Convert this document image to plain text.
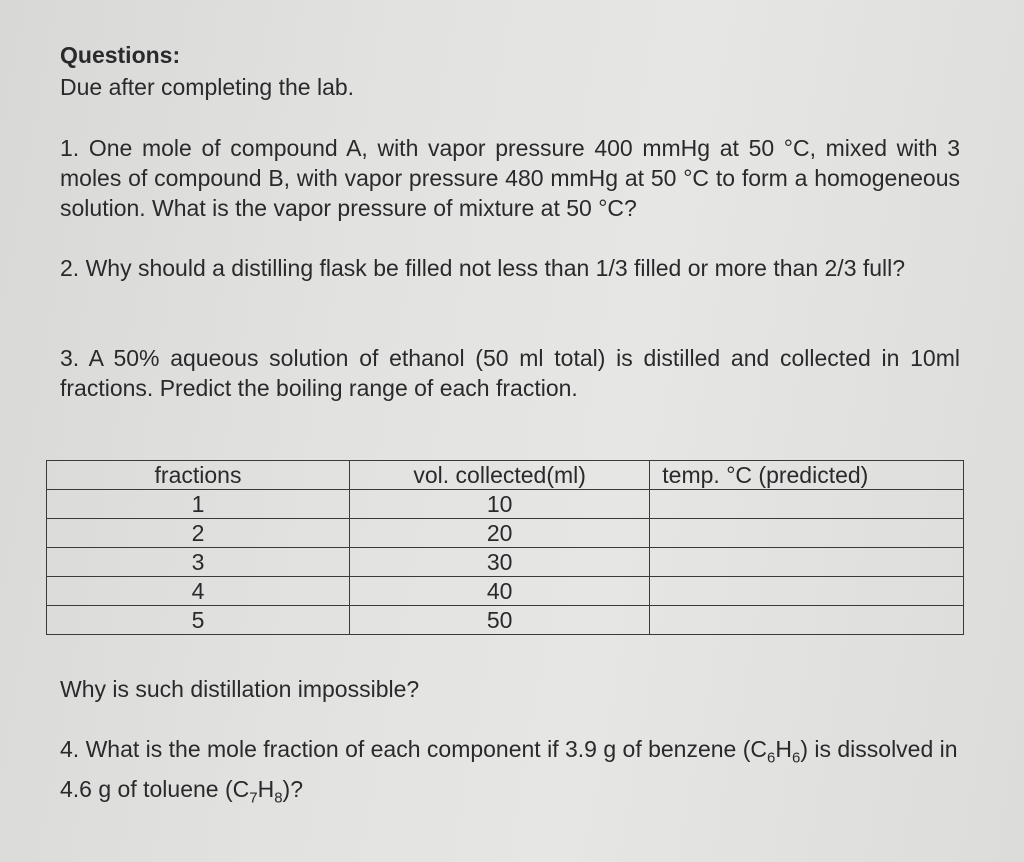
Questions:

Due after completing the lab.

1. One mole of compound A, with vapor pressure 400 mmHg at 50 °C, mixed with 3 moles of compound B, with vapor pressure 480 mmHg at 50 °C to form a homogeneous solution. What is the vapor pressure of mixture at 50 °C?

2. Why should a distilling flask be filled not less than 1/3 filled or more than 2/3 full?

3. A 50% aqueous solution of ethanol (50 ml total) is distilled and collected in 10ml fractions. Predict the boiling range of each fraction.

fractions	vol. collected(ml)	temp. °C (predicted)
1	10	
2	20	
3	30	
4	40	
5	50	

Why is such distillation impossible?

4. What is the mole fraction of each component if 3.9 g of benzene $(C_6H_6)$ is dissolved in 4.6 g of toluene $(C_7H_8)$?
